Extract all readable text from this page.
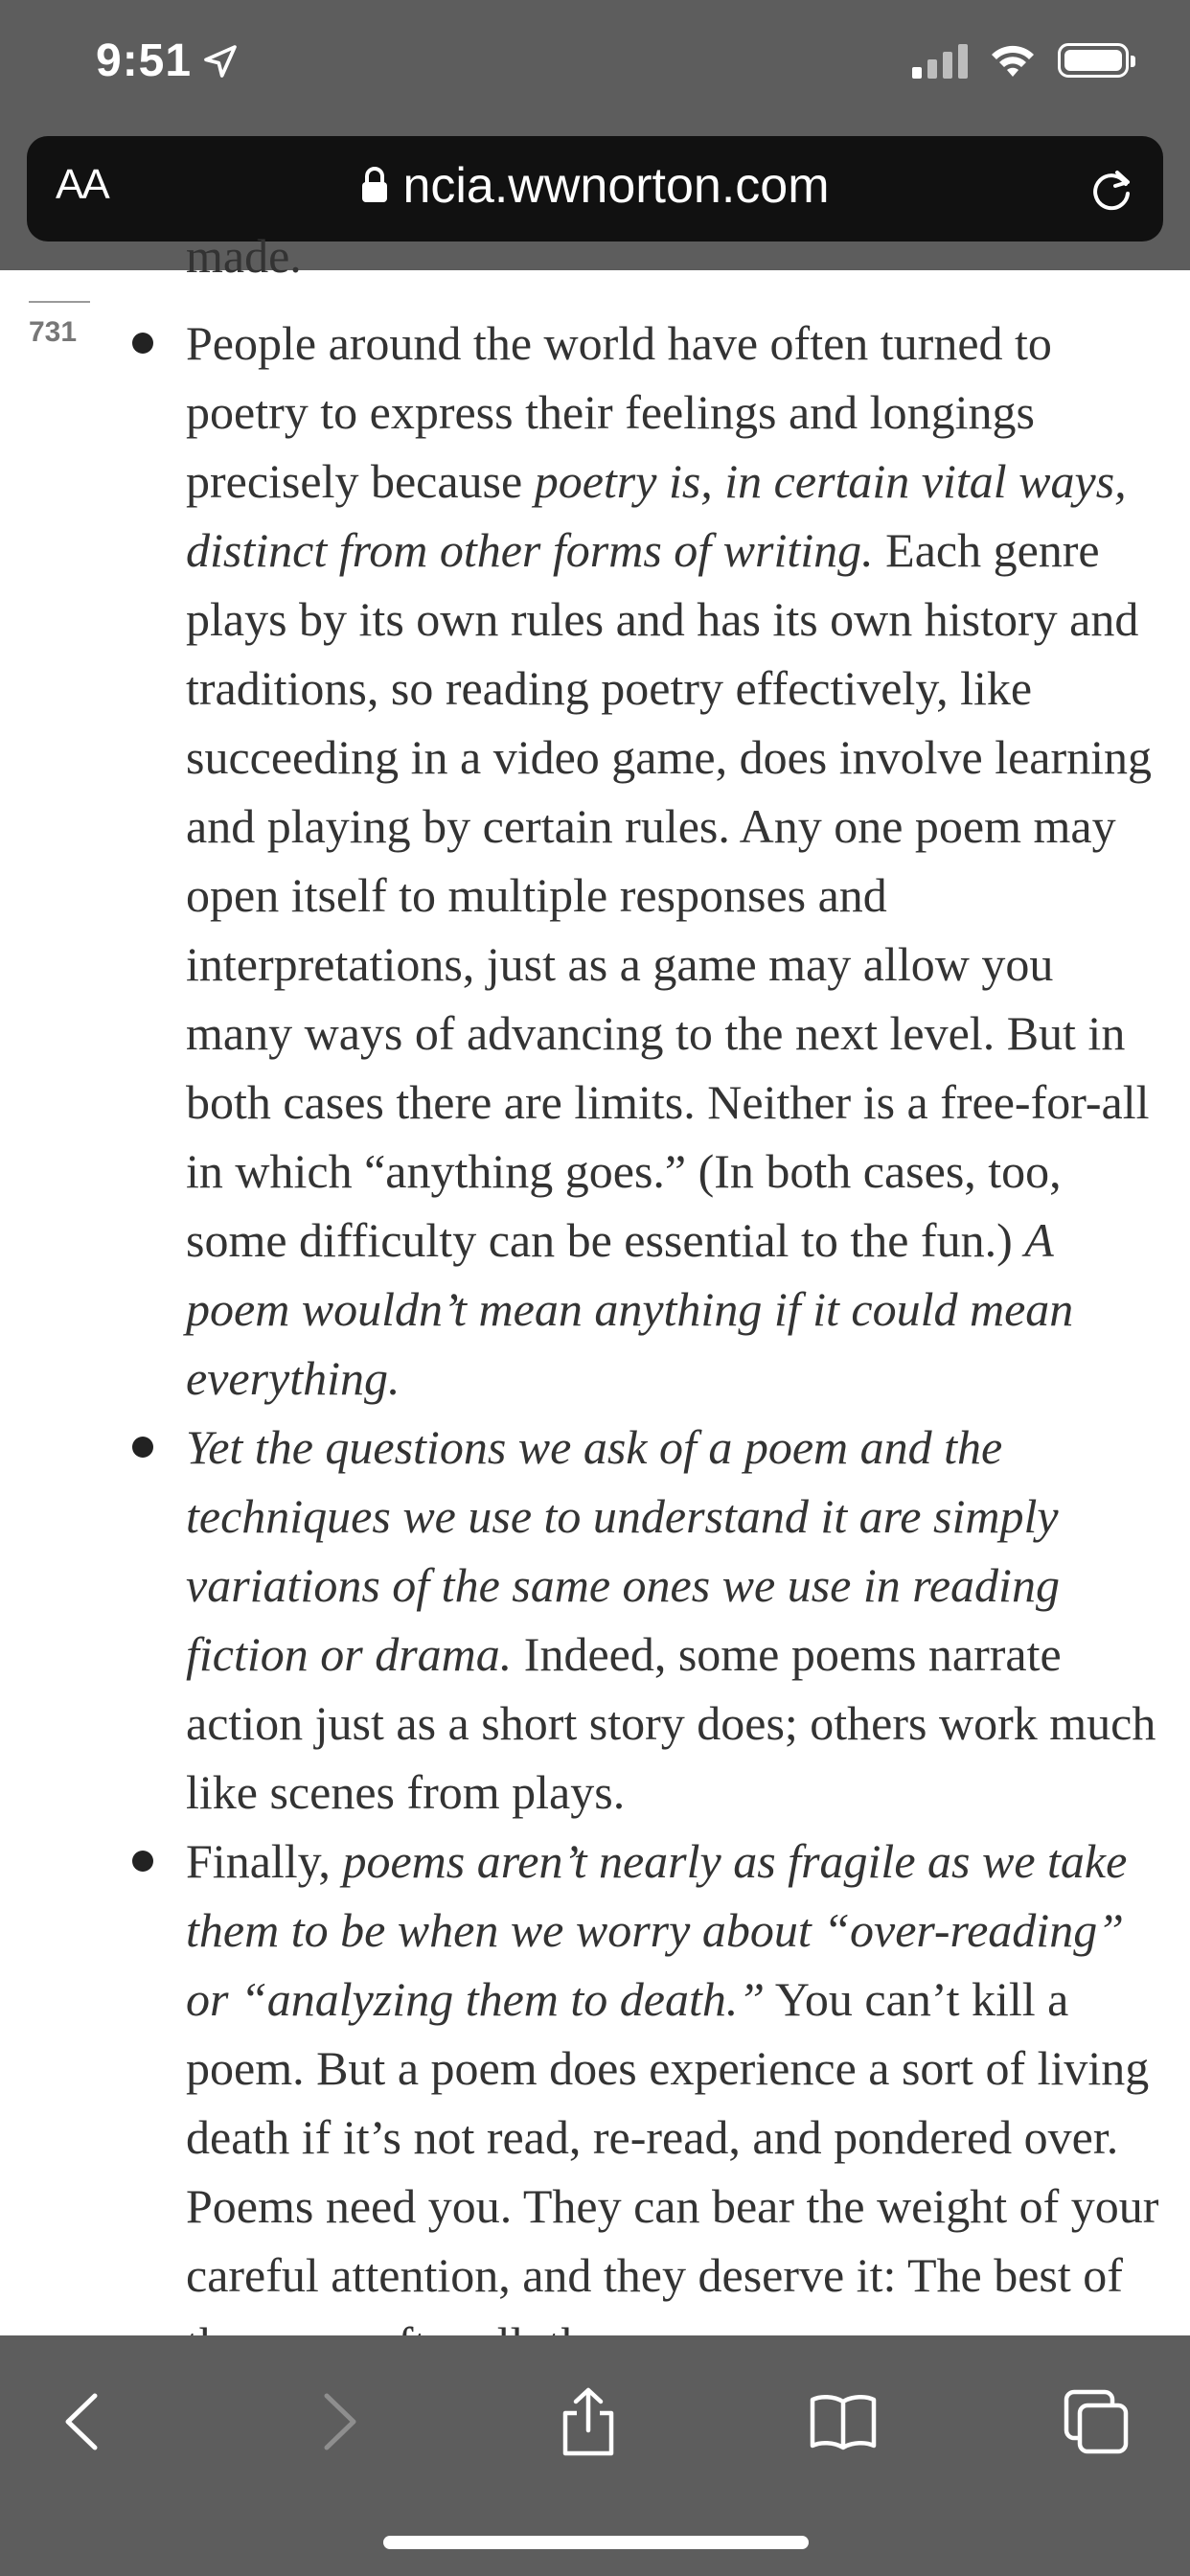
9:51
AA	ncia.wwnorton.com
made.
731	People around the world have often turned to poetry to express their feelings and longings precisely because poetry is, in certain vital ways, distinct from other forms of writing. Each genre plays by its own rules and has its own history and traditions, so reading poetry effectively, like succeeding in a video game, does involve learning and playing by certain rules. Any one poem may open itself to multiple responses and interpretations, just as a game may allow you many ways of advancing to the next level. But in both cases there are limits. Neither is a free-for-all in which “anything goes.” (In both cases, too, some difficulty can be essential to the fun.) A poem wouldn’t mean anything if it could mean everything.
Yet the questions we ask of a poem and the techniques we use to understand it are simply variations of the same ones we use in reading fiction or drama. Indeed, some poems narrate action just as a short story does; others work much like scenes from plays.
Finally, poems aren’t nearly as fragile as we take them to be when we worry about “over-reading” or “analyzing them to death.” You can’t kill a poem. But a poem does experience a sort of living death if it’s not read, re-read, and pondered over. Poems need you. They can bear the weight of your careful attention, and they deserve it: The best of
